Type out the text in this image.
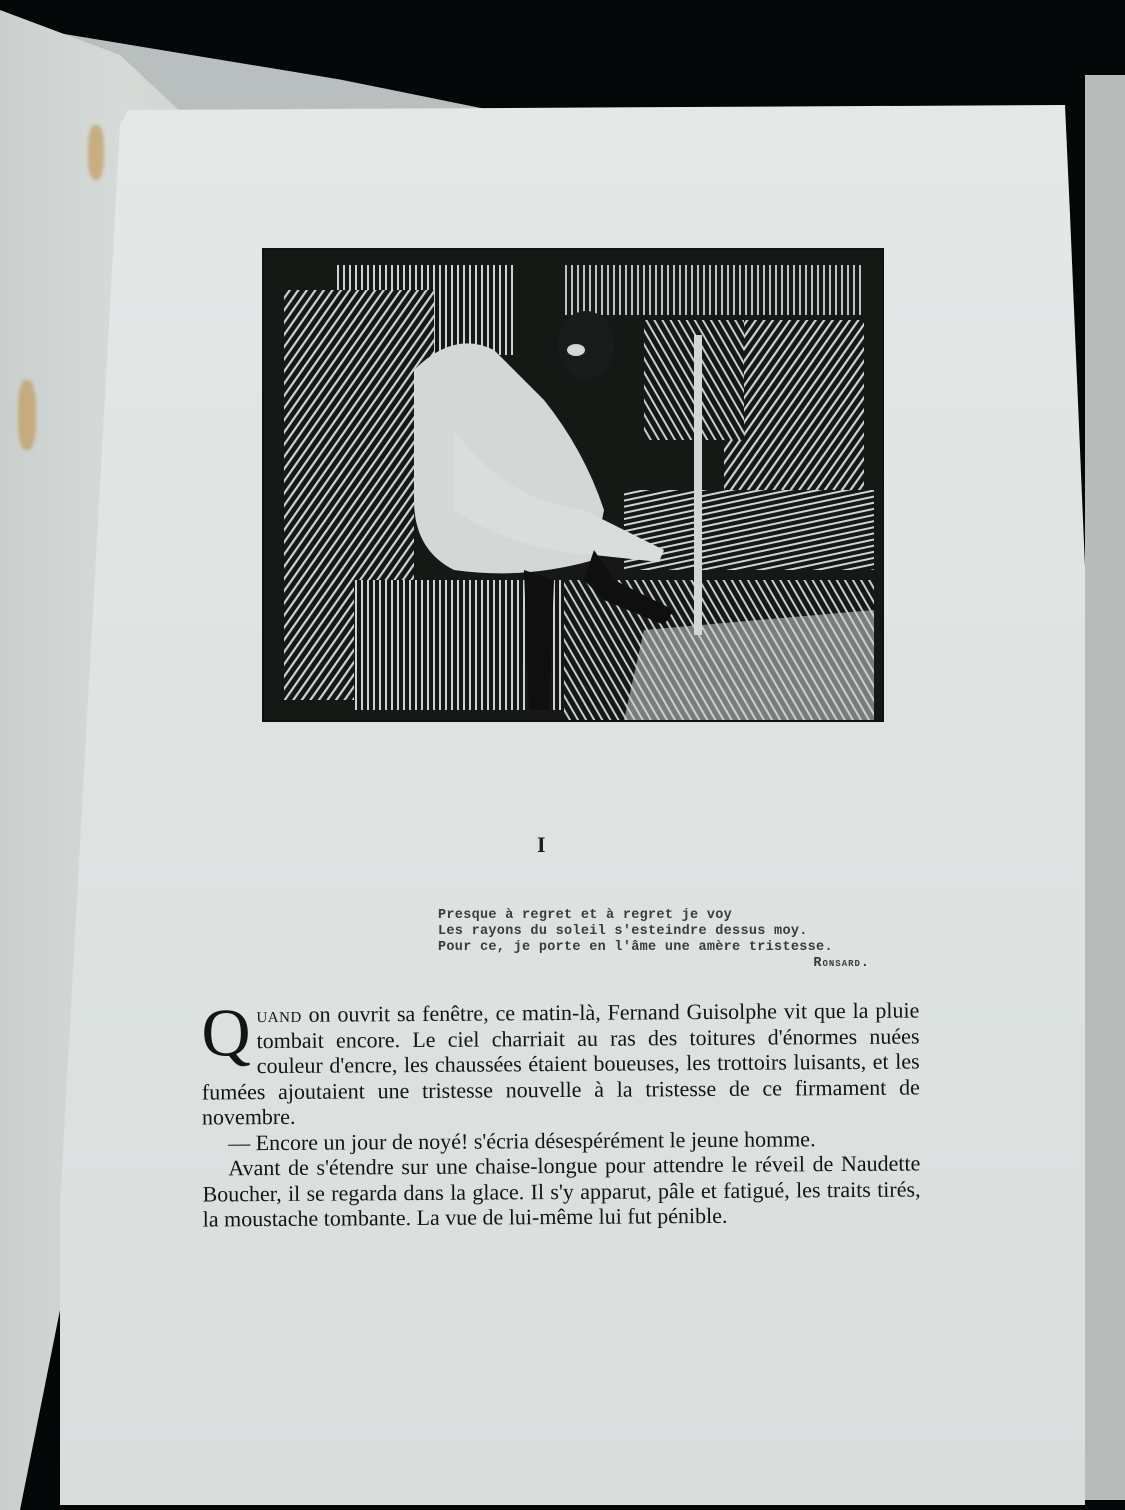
I
Presque à regret et à regret je voy
Les rayons du soleil s'esteindre dessus moy.
Pour ce, je porte en l'âme une amère tristesse.
Ronsard.

Quand on ouvrit sa fenêtre, ce matin-là, Fernand Guisolphe vit que la pluie tombait encore. Le ciel charriait au ras des toitures d'énormes nuées couleur d'encre, les chaussées étaient boueuses, les trottoirs luisants, et les fumées ajoutaient une tristesse nouvelle à la tristesse de ce firmament de novembre.

— Encore un jour de noyé! s'écria désespérément le jeune homme.

Avant de s'étendre sur une chaise-longue pour attendre le réveil de Naudette Boucher, il se regarda dans la glace. Il s'y apparut, pâle et fatigué, les traits tirés, la moustache tombante. La vue de lui-même lui fut pénible.
